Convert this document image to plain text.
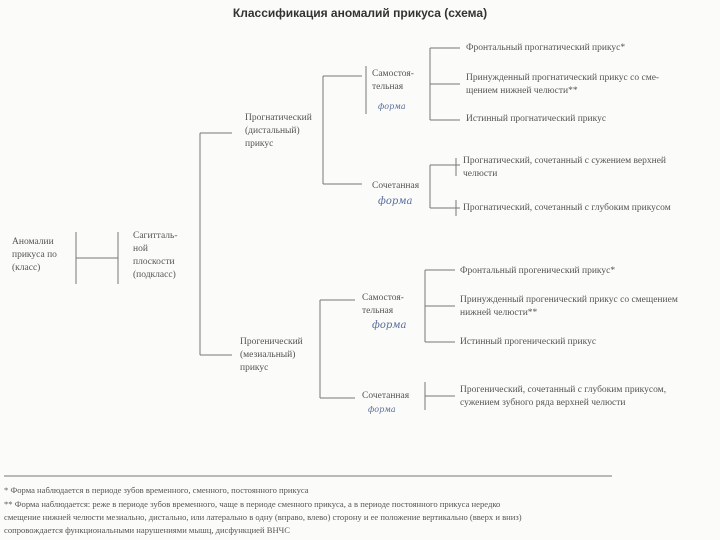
Классификация аномалий прикуса (схема)
Аномалии
прикуса по
(класс)
Сагитталь-
ной
плоскости
(подкласс)
Прогнатический
(дистальный)
прикус
Самостоя-
тельная
форма
Сочетанная
форма
Фронтальный прогнатический прикус*
Принужденный прогнатический прикус со сме-
щением нижней челюсти**
Истинный прогнатический прикус
Прогнатический, сочетанный с сужением верхней
челюсти
Прогнатический, сочетанный с глубоким прикусом
Прогенический
(мезиальный)
прикус
Самостоя-
тельная
форма
Сочетанная
форма
Фронтальный прогенический прикус*
Принужденный прогенический прикус со смещением
нижней челюсти**
Истинный прогенический прикус
Прогенический, сочетанный с глубоким прикусом,
сужением зубного ряда верхней челюсти
* Форма наблюдается в периоде зубов временного, сменного, постоянного прикуса
** Форма наблюдается: реже в периоде зубов временного, чаще в периоде сменного прикуса, а в периоде постоянного прикуса нередко
смещение нижней челюсти мезиально, дистально, или латерально в одну (вправо, влево) сторону и ее положение вертикально (вверх и вниз)
сопровождается функциональными нарушениями мышц, дисфункцией ВНЧС
